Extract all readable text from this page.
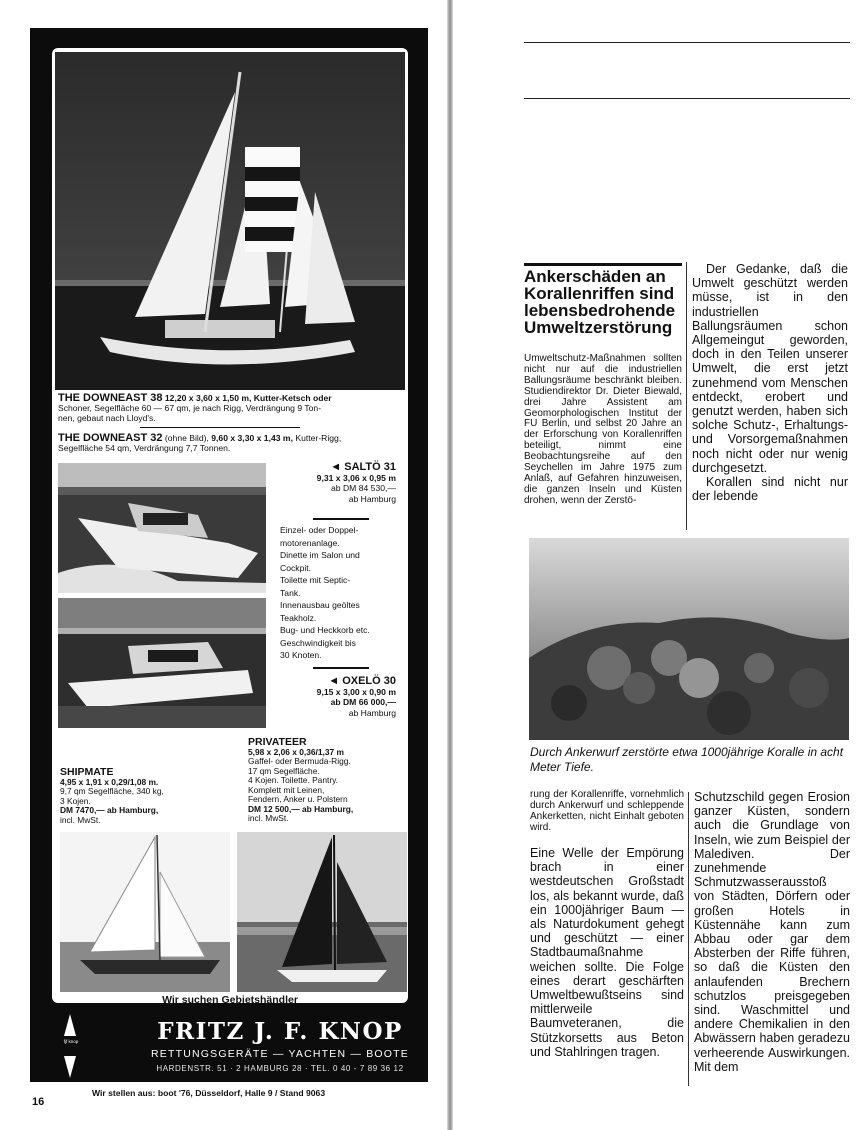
THE DOWNEAST 38 12,20 x 3,60 x 1,50 m, Kutter-Ketsch oder
Schoner, Segelfläche 60 — 67 qm, je nach Rigg, Verdrängung 9 Ton-
nen, gebaut nach Lloyd's.
THE DOWNEAST 32 (ohne Bild), 9,60 x 3,30 x 1,43 m, Kutter-Rigg,
Segelfläche 54 qm, Verdrängung 7,7 Tonnen.
◄ SALTÖ 31
9,31 x 3,06 x 0,95 m
ab DM 84 530,—
ab Hamburg
Einzel- oder Doppel-
motorenanlage.
Dinette im Salon und
Cockpit.
Toilette mit Septic-
Tank.
Innenausbau geöltes
Teakholz.
Bug- und Heckkorb etc.
Geschwindigkeit bis
30 Knoten.
◄ OXELÖ 30
9,15 x 3,00 x 0,90 m
ab DM 66 000,—
ab Hamburg
PRIVATEER
5,98 x 2,06 x 0,36/1,37 m
Gaffel- oder Bermuda-Rigg.
17 qm Segelfläche.
4 Kojen. Toilette. Pantry.
Komplett mit Leinen,
Fendern, Anker u. Polstern
DM 12 500,— ab Hamburg,
incl. MwSt.
SHIPMATE
4,95 x 1,91 x 0,29/1,08 m.
9,7 qm Segelfläche, 340 kg,
3 Kojen.
DM 7470,— ab Hamburg,
incl. MwSt.
Wir suchen Gebietshändler
fjf knop	FRITZ J. F. KNOP
RETTUNGSGERÄTE — YACHTEN — BOOTE
HARDENSTR. 51 · 2 HAMBURG 28 · TEL. 0 40 - 7 89 36 12
Wir stellen aus: boot '76, Düsseldorf, Halle 9 / Stand 9063
16
Ankerschäden an Korallenriffen sind lebensbedrohende Umweltzerstörung
Umweltschutz-Maßnahmen sollten nicht nur auf die industriellen Ballungsräume beschränkt bleiben. Studiendirektor Dr. Dieter Biewald, drei Jahre Assistent am Geomorphologischen Institut der FU Berlin, und selbst 20 Jahre an der Erforschung von Korallenriffen beteiligt, nimmt eine Beobachtungsreihe auf den Seychellen im Jahre 1975 zum Anlaß, auf Gefahren hinzuweisen, die ganzen Inseln und Küsten drohen, wenn der Zerstö-
Der Gedanke, daß die Umwelt geschützt werden müsse, ist in den industriellen Ballungsräumen schon Allgemeingut geworden, doch in den Teilen unserer Umwelt, die erst jetzt zunehmend vom Menschen entdeckt, erobert und genutzt werden, haben sich solche Schutz-, Erhaltungs- und Vorsorgemaßnahmen noch nicht oder nur wenig durchgesetzt.
Korallen sind nicht nur der lebende
Durch Ankerwurf zerstörte etwa 1000jährige Koralle in acht Meter Tiefe.
rung der Korallenriffe, vornehmlich durch Ankerwurf und schleppende Ankerketten, nicht Einhalt geboten wird.
Eine Welle der Empörung brach in einer westdeutschen Großstadt los, als bekannt wurde, daß ein 1000jähriger Baum — als Naturdokument gehegt und geschützt — einer Stadtbaumaßnahme weichen sollte. Die Folge eines derart geschärften Umweltbewußtseins sind mittlerweile Baumveteranen, die Stützkorsetts aus Beton und Stahlringen tragen.
Schutzschild gegen Erosion ganzer Küsten, sondern auch die Grundlage von Inseln, wie zum Beispiel der Malediven. Der zunehmende Schmutzwasserausstoß von Städten, Dörfern oder großen Hotels in Küstennähe kann zum Abbau oder gar dem Absterben der Riffe führen, so daß die Küsten den anlaufenden Brechern schutzlos preisgegeben sind. Waschmittel und andere Chemikalien in den Abwässern haben geradezu verheerende Auswirkungen. Mit dem
